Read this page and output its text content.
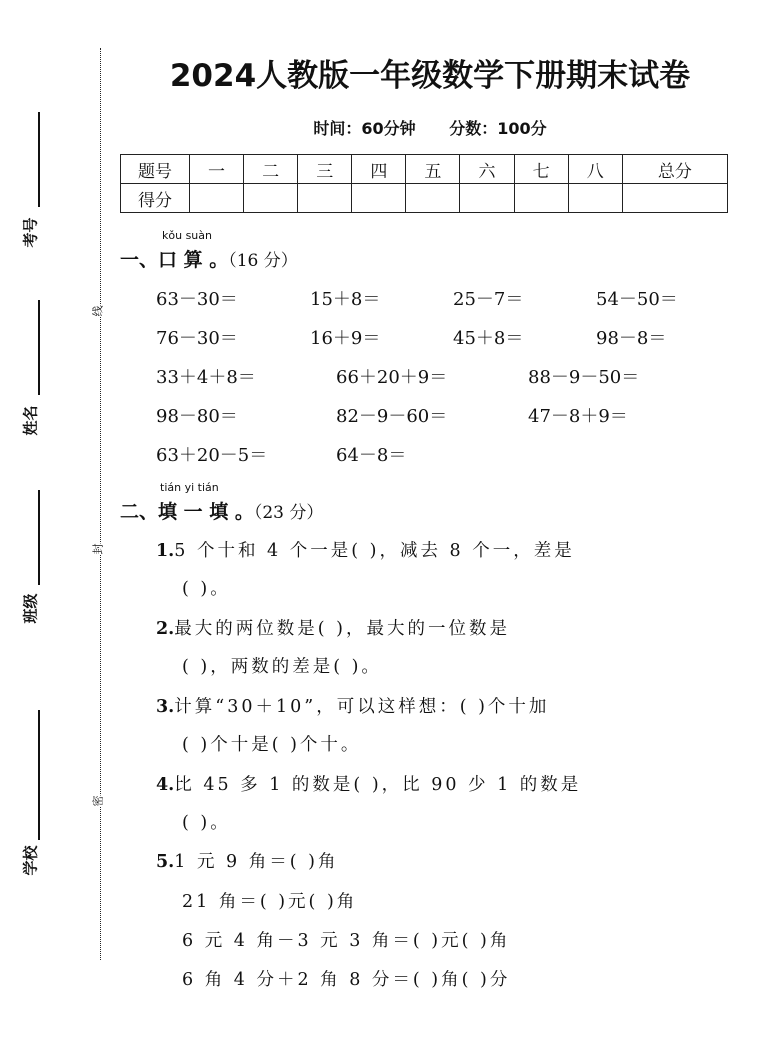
考号
姓名
班级
学校
线
封
密
2024人教版一年级数学下册期末试卷
时间：60分钟 分数：100分
题号	一	二	三	四	五	六	七	八	总分
得分									
kǒu suàn
一、口 算 。（16 分）
63－30＝	15＋8＝	25－7＝	54－50＝
76－30＝	16＋9＝	45＋8＝	98－8＝
33＋4＋8＝	66＋20＋9＝	88－9－50＝
98－80＝	82－9－60＝	47－8＋9＝
63＋20－5＝	64－8＝
tián yi tián
二、填 一 填 。（23 分）
1.5 个十和 4 个一是( )，减去 8 个一，差是
( )。
2.最大的两位数是( )，最大的一位数是
( )，两数的差是( )。
3.计算“30＋10”，可以这样想：( )个十加
( )个十是( )个十。
4.比 45 多 1 的数是( )，比 90 少 1 的数是
( )。
5.1 元 9 角＝( )角
21 角＝( )元( )角
6 元 4 角－3 元 3 角＝( )元( )角
6 角 4 分＋2 角 8 分＝( )角( )分
